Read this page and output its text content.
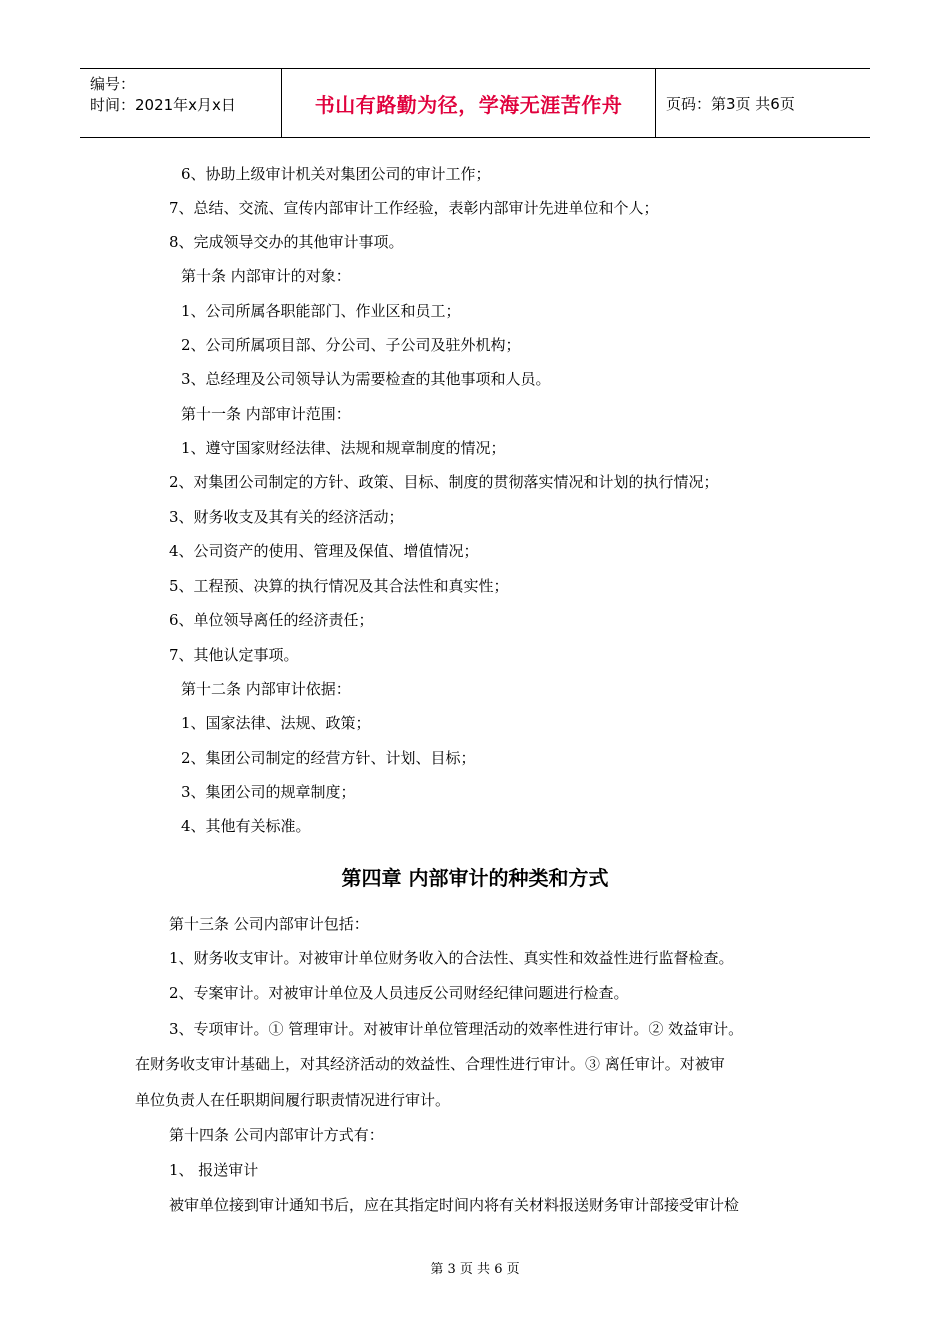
编号：
时间：2021年x月x日	书山有路勤为径，学海无涯苦作舟	页码：第3页 共6页
6、协助上级审计机关对集团公司的审计工作；
7、总结、交流、宣传内部审计工作经验，表彰内部审计先进单位和个人；
8、完成领导交办的其他审计事项。
第十条 内部审计的对象：
1、公司所属各职能部门、作业区和员工；
2、公司所属项目部、分公司、子公司及驻外机构；
3、总经理及公司领导认为需要检查的其他事项和人员。
第十一条 内部审计范围：
1、遵守国家财经法律、法规和规章制度的情况；
2、对集团公司制定的方针、政策、目标、制度的贯彻落实情况和计划的执行情况；
3、财务收支及其有关的经济活动；
4、公司资产的使用、管理及保值、增值情况；
5、工程预、决算的执行情况及其合法性和真实性；
6、单位领导离任的经济责任；
7、其他认定事项。
第十二条 内部审计依据：
1、国家法律、法规、政策；
2、集团公司制定的经营方针、计划、目标；
3、集团公司的规章制度；
4、其他有关标准。
第四章 内部审计的种类和方式
第十三条 公司内部审计包括：
1、财务收支审计。对被审计单位财务收入的合法性、真实性和效益性进行监督检查。
2、专案审计。对被审计单位及人员违反公司财经纪律问题进行检查。
3、专项审计。① 管理审计。对被审计单位管理活动的效率性进行审计。② 效益审计。
在财务收支审计基础上，对其经济活动的效益性、合理性进行审计。③ 离任审计。对被审
单位负责人在任职期间履行职责情况进行审计。
第十四条 公司内部审计方式有：
1、 报送审计
被审单位接到审计通知书后，应在其指定时间内将有关材料报送财务审计部接受审计检
第 3 页 共 6 页
